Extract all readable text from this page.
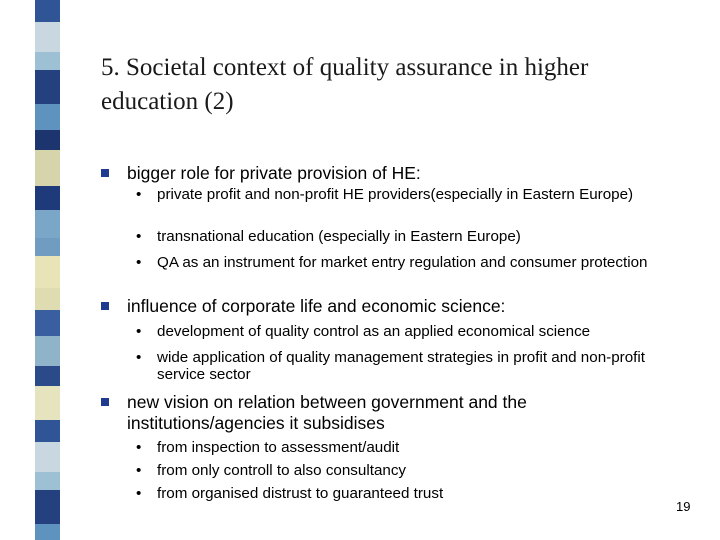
5. Societal context of quality assurance in higher education (2)
bigger role for private provision of HE:
• private profit and non-profit HE providers(especially in Eastern Europe)
• transnational education (especially in Eastern Europe)
• QA as an instrument for market entry regulation and consumer protection
influence of corporate life and economic science:
• development of quality control as an applied economical science
• wide application of quality management strategies in profit and non-profit service sector
new vision on relation between government and the institutions/agencies it subsidises
• from inspection to assessment/audit
• from only controll to also consultancy
• from organised distrust to guaranteed trust
19
